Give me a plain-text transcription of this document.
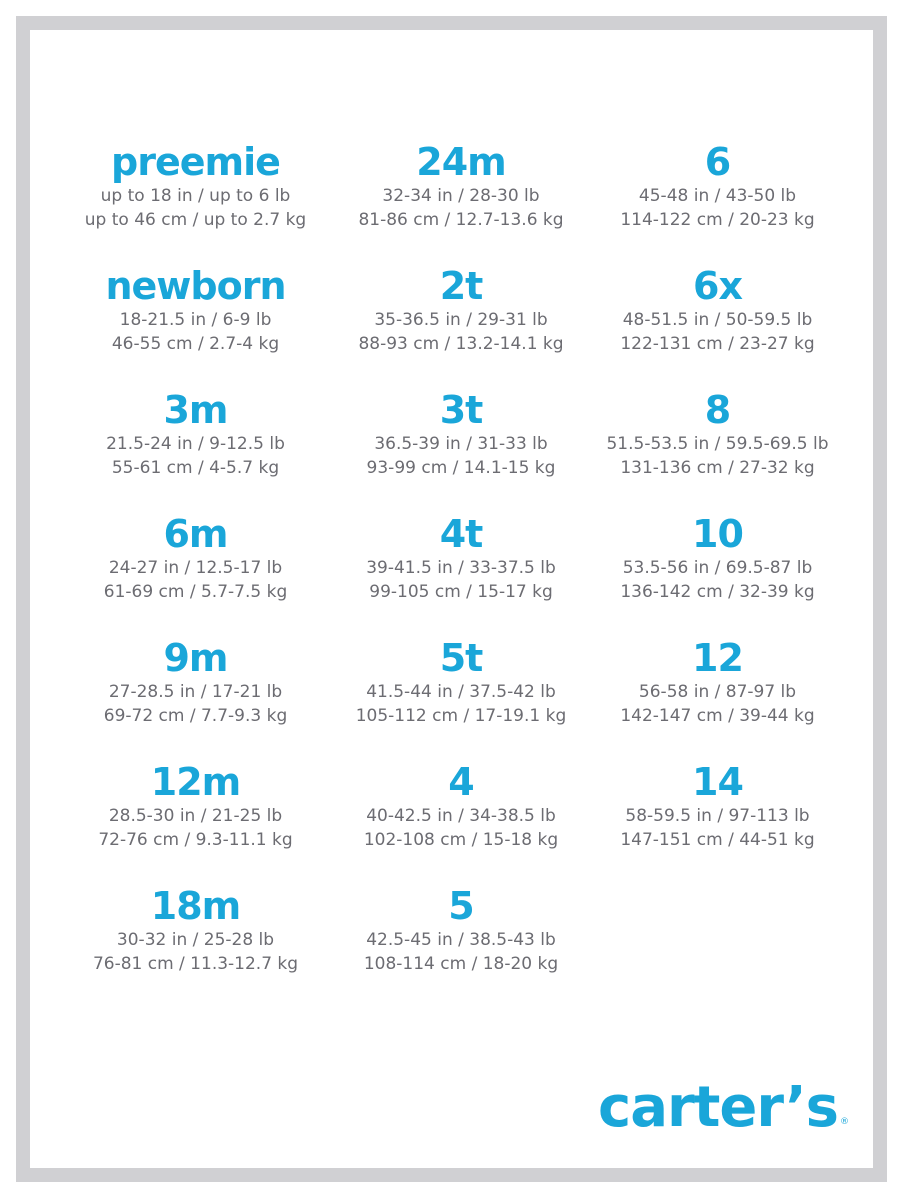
preemie
up to 18 in / up to 6 lb
up to 46 cm / up to 2.7 kg
24m
32-34 in / 28-30 lb
81-86 cm / 12.7-13.6 kg
6
45-48 in / 43-50 lb
114-122 cm / 20-23 kg
newborn
18-21.5 in / 6-9 lb
46-55 cm / 2.7-4 kg
2t
35-36.5 in / 29-31 lb
88-93 cm / 13.2-14.1 kg
6x
48-51.5 in / 50-59.5 lb
122-131 cm / 23-27 kg
3m
21.5-24 in / 9-12.5 lb
55-61 cm / 4-5.7 kg
3t
36.5-39 in / 31-33 lb
93-99 cm / 14.1-15 kg
8
51.5-53.5 in / 59.5-69.5 lb
131-136 cm / 27-32 kg
6m
24-27 in / 12.5-17 lb
61-69 cm / 5.7-7.5 kg
4t
39-41.5 in / 33-37.5 lb
99-105 cm / 15-17 kg
10
53.5-56 in / 69.5-87 lb
136-142 cm / 32-39 kg
9m
27-28.5 in / 17-21 lb
69-72 cm / 7.7-9.3 kg
5t
41.5-44 in / 37.5-42 lb
105-112 cm / 17-19.1 kg
12
56-58 in / 87-97 lb
142-147 cm / 39-44 kg
12m
28.5-30 in / 21-25 lb
72-76 cm / 9.3-11.1 kg
4
40-42.5 in / 34-38.5 lb
102-108 cm / 15-18 kg
14
58-59.5 in / 97-113 lb
147-151 cm / 44-51 kg
18m
30-32 in / 25-28 lb
76-81 cm / 11.3-12.7 kg
5
42.5-45 in / 38.5-43 lb
108-114 cm / 18-20 kg
carter’s ®
